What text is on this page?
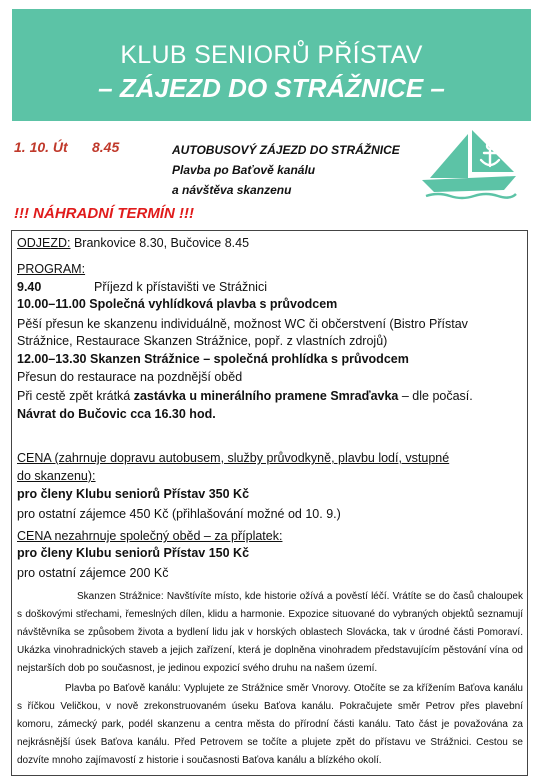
KLUB SENIORŮ PŘÍSTAV
– ZÁJEZD DO STRÁŽNICE –
1. 10. Út 8.45	AUTOBUSOVÝ ZÁJEZD DO STRÁŽNICE
Plavba po Baťově kanálu
a návštěva skanzenu
!!! NÁHRADNÍ TERMÍN !!!
ODJEZD: Brankovice 8.30, Bučovice 8.45
PROGRAM:
9.40	Příjezd k přístavišti ve Strážnici
10.00–11.00 Společná vyhlídková plavba s průvodcem
Pěší přesun ke skanzenu individuálně, možnost WC či občerstvení (Bistro Přístav
Strážnice, Restaurace Skanzen Strážnice, popř. z vlastních zdrojů)
12.00–13.30 Skanzen Strážnice – společná prohlídka s průvodcem
Přesun do restaurace na pozdnější oběd
Při cestě zpět krátká zastávka u minerálního pramene Smraďavka – dle počasí.
Návrat do Bučovic cca 16.30 hod.
CENA (zahrnuje dopravu autobusem, služby průvodkyně, plavbu lodí, vstupné
do skanzenu):
pro členy Klubu seniorů Přístav 350 Kč
pro ostatní zájemce 450 Kč (přihlašování možné od 10. 9.)
CENA nezahrnuje společný oběd – za příplatek:
pro členy Klubu seniorů Přístav 150 Kč
pro ostatní zájemce 200 Kč
Skanzen Strážnice: Navštívíte místo, kde historie ožívá a pověstí léčí. Vrátíte se do časů chaloupek s doškovými střechami, řemeslných dílen, klidu a harmonie. Expozice situované do vybraných objektů seznamují návštěvníka se způsobem života a bydlení lidu jak v horských oblastech Slovácka, tak v úrodné části Pomoraví. Ukázka vinohradnických staveb a jejich zařízení, která je doplněna vinohradem představujícím pěstování vína od nejstarších dob po současnost, je jedinou expozicí svého druhu na našem území.
Plavba po Baťově kanálu: Vyplujete ze Strážnice směr Vnorovy. Otočíte se za křížením Baťova kanálu s říčkou Veličkou, v nově zrekonstruovaném úseku Baťova kanálu. Pokračujete směr Petrov přes plavební komoru, zámecký park, podél skanzenu a centra města do přírodní části kanálu. Tato část je považována za nejkrásnější úsek Baťova kanálu. Před Petrovem se točíte a plujete zpět do přístavu ve Strážnici. Cestou se dozvíte mnoho zajímavostí z historie i současnosti Baťova kanálu a blízkého okolí.
